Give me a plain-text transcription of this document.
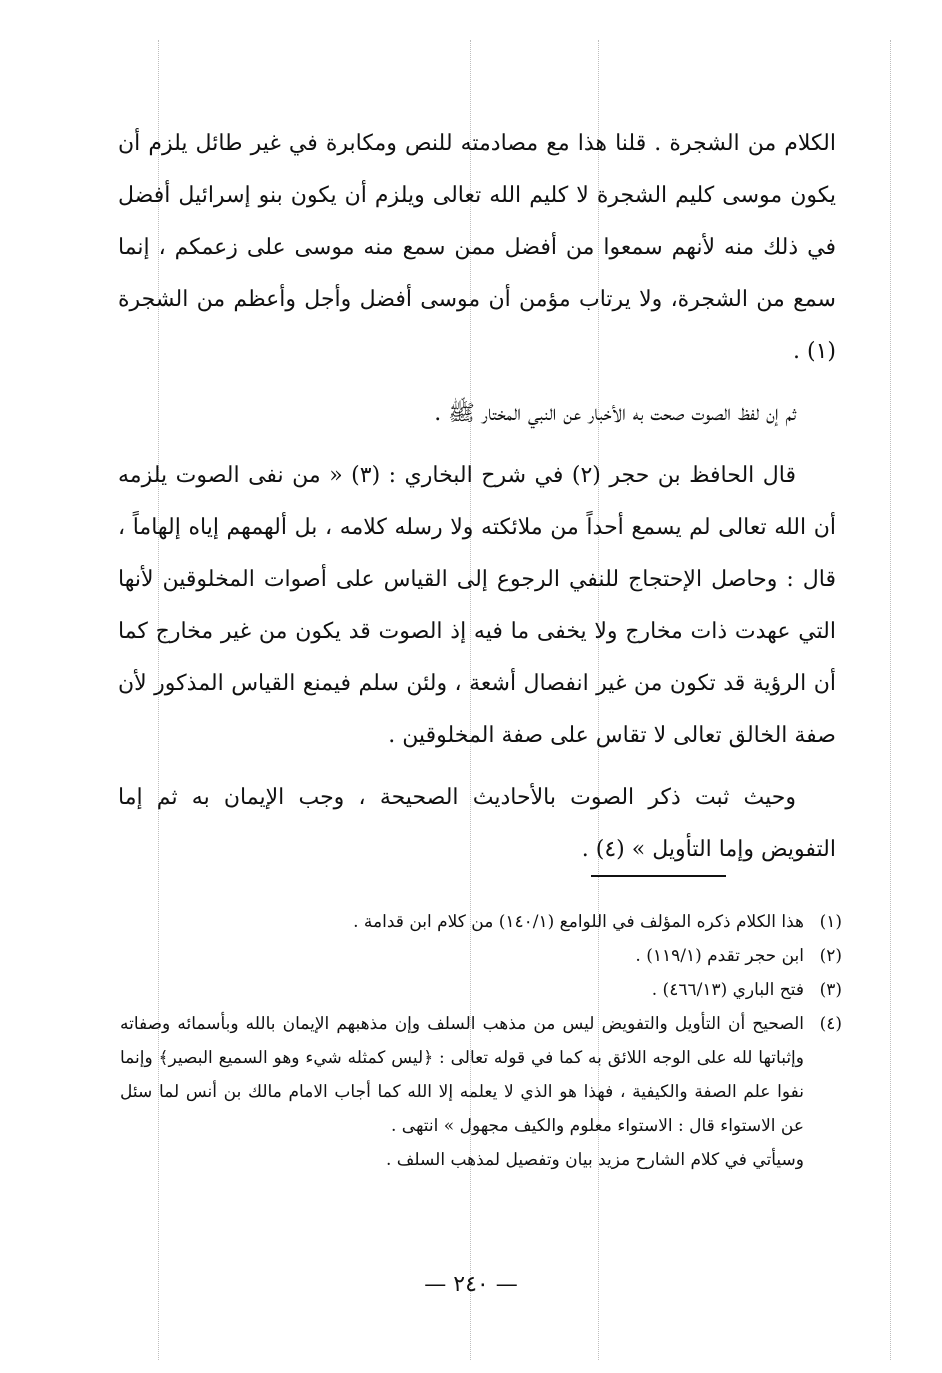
الكلام من الشجرة . قلنا هذا مع مصادمته للنص ومكابرة في غير طائل يلزم أن يكون موسى كليم الشجرة لا كليم الله تعالى ويلزم أن يكون بنو إسرائيل أفضل في ذلك منه لأنهم سمعوا من أفضل ممن سمع منه موسى على زعمكم ، إنما سمع من الشجرة، ولا يرتاب مؤمن أن موسى أفضل وأجل وأعظم من الشجرة (١) .

ثم إن لفظ الصوت صحت به الأخبار عن النبي المختار ﷺ .

قال الحافظ بن حجر (٢) في شرح البخاري : (٣) « من نفى الصوت يلزمه أن الله تعالى لم يسمع أحداً من ملائكته ولا رسله كلامه ، بل ألهمهم إياه إلهاماً ، قال : وحاصل الإحتجاج للنفي الرجوع إلى القياس على أصوات المخلوقين لأنها التي عهدت ذات مخارج ولا يخفى ما فيه إذ الصوت قد يكون من غير مخارج كما أن الرؤية قد تكون من غير انفصال أشعة ، ولئن سلم فيمنع القياس المذكور لأن صفة الخالق تعالى لا تقاس على صفة المخلوقين .

وحيث ثبت ذكر الصوت بالأحاديث الصحيحة ، وجب الإيمان به ثم إما التفويض وإما التأويل » (٤) .

(١)
هذا الكلام ذكره المؤلف في اللوامع (١٤٠/١) من كلام ابن قدامة .
(٢)
ابن حجر تقدم (١١٩/١) .
(٣)
فتح الباري (٤٦٦/١٣) .
(٤)
الصحيح أن التأويل والتفويض ليس من مذهب السلف وإن مذهبهم الإيمان بالله وبأسمائه وصفاته وإثباتها لله على الوجه اللائق به كما في قوله تعالى : ﴿ليس كمثله شيء وهو السميع البصير﴾ وإنما نفوا علم الصفة والكيفية ، فهذا هو الذي لا يعلمه إلا الله كما أجاب الامام مالك بن أنس لما سئل عن الاستواء قال : الاستواء معلوم والكيف مجهول » انتهى .
وسيأتي في كلام الشارح مزيد بيان وتفصيل لمذهب السلف .
— ٢٤٠ —
